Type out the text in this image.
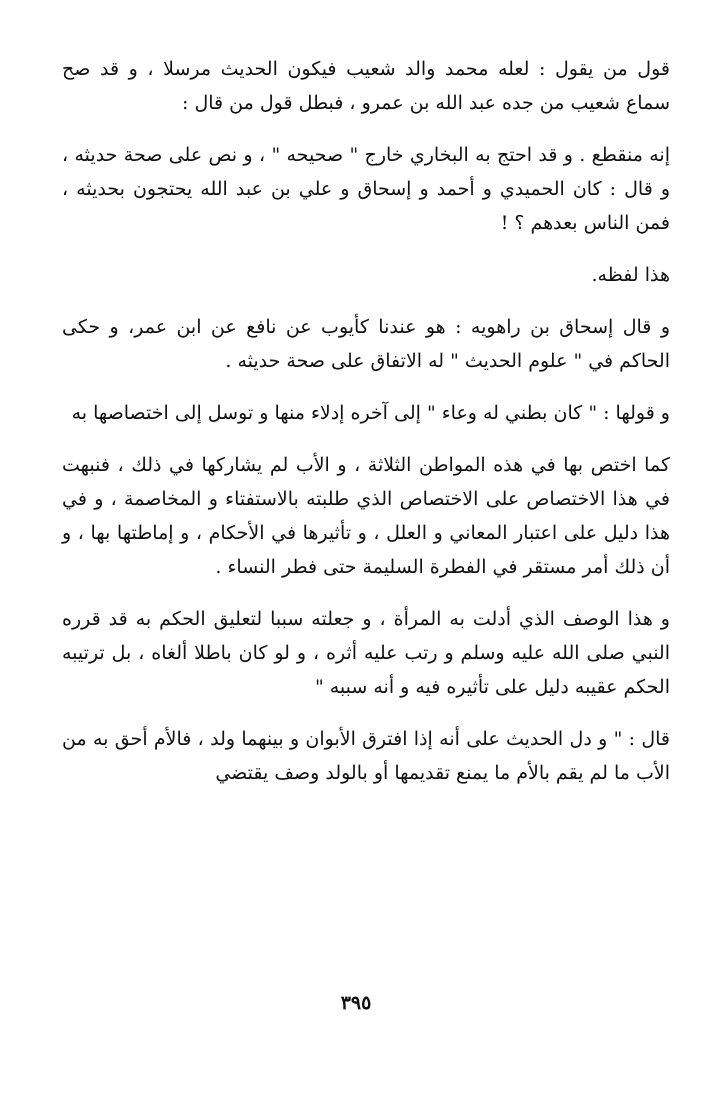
قول من يقول : لعله محمد والد شعيب فيكون الحديث مرسلا ، و قد صح سماع شعيب من جده عبد الله بن عمرو ، فبطل قول من قال :

إنه منقطع . و قد احتج به البخاري خارج " صحيحه " ، و نص على صحة حديثه ، و قال : كان الحميدي و أحمد و إسحاق و علي بن عبد الله يحتجون بحديثه ، فمن الناس بعدهم ؟ !

هذا لفظه.

و قال إسحاق بن راهويه : هو عندنا كأيوب عن نافع عن ابن عمر، و حكى الحاكم في " علوم الحديث " له الاتفاق على صحة حديثه .

و قولها : " كان بطني له وعاء " إلى آخره إدلاء منها و توسل إلى اختصاصها به

كما اختص بها في هذه المواطن الثلاثة ، و الأب لم يشاركها في ذلك ، فنبهت في هذا الاختصاص على الاختصاص الذي طلبته بالاستفتاء و المخاصمة ، و في هذا دليل على اعتبار المعاني و العلل ، و تأثيرها في الأحكام ، و إماطتها بها ، و أن ذلك أمر مستقر في الفطرة السليمة حتى فطر النساء .

و هذا الوصف الذي أدلت به المرأة ، و جعلته سببا لتعليق الحكم به قد قرره النبي صلى الله عليه وسلم و رتب عليه أثره ، و لو كان باطلا ألغاه ، بل ترتيبه الحكم عقيبه دليل على تأثيره فيه و أنه سببه "

قال : " و دل الحديث على أنه إذا افترق الأبوان و بينهما ولد ، فالأم أحق به من الأب ما لم يقم بالأم ما يمنع تقديمها أو بالولد وصف يقتضي

٣٩٥
